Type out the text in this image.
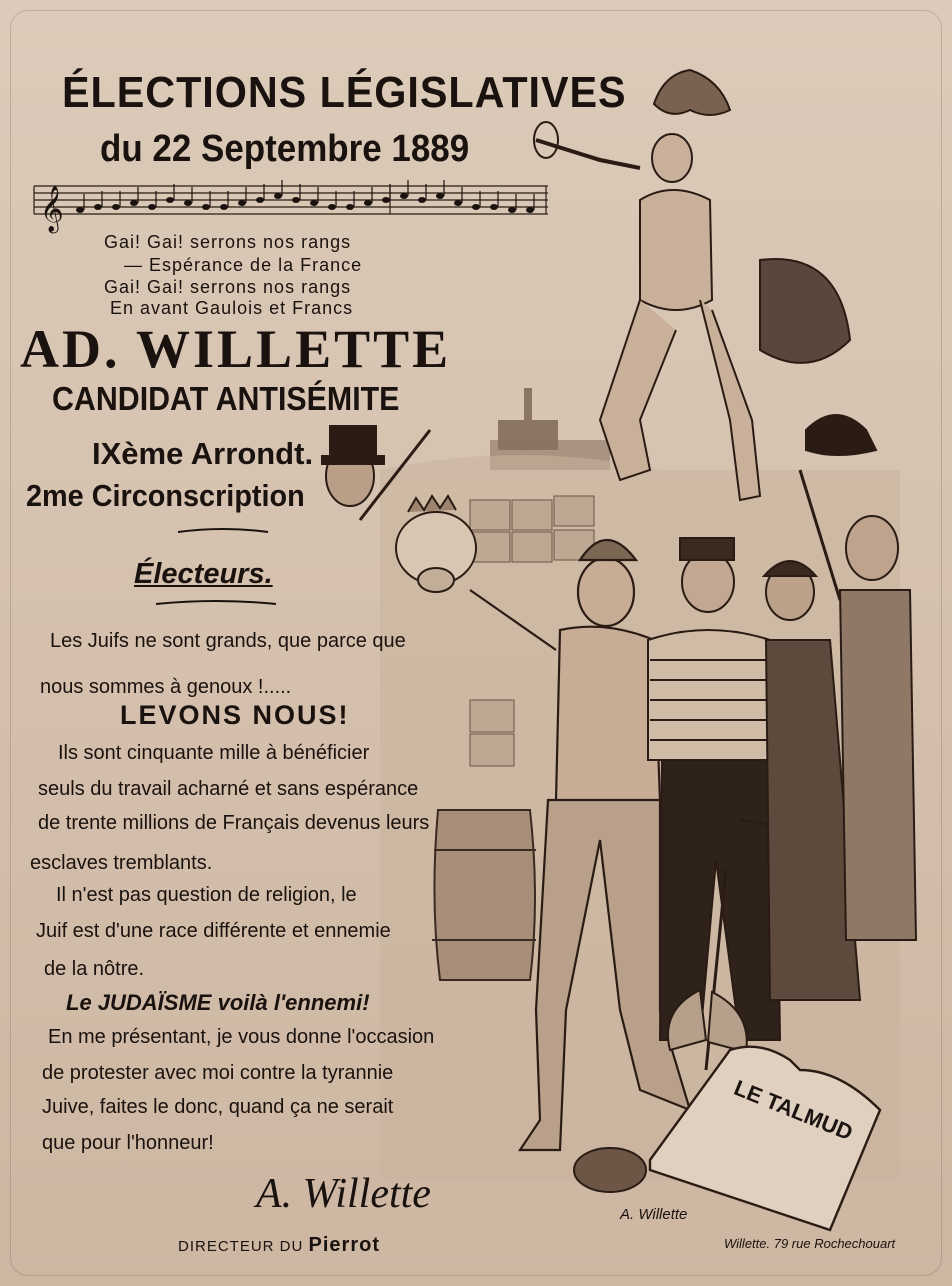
𝄞
ÉLECTIONS LÉGISLATIVES
du 22 Septembre 1889
Gai! Gai! serrons nos rangs
— Espérance de la France
Gai! Gai! serrons nos rangs
En avant Gaulois et Francs
AD. WILLETTE
CANDIDAT ANTISÉMITE
IXème Arrondt.
2me Circonscription
Électeurs.
Les Juifs ne sont grands, que parce que
nous sommes à genoux !.....
LEVONS NOUS!
Ils sont cinquante mille à bénéficier
seuls du travail acharné et sans espérance
de trente millions de Français devenus leurs
esclaves tremblants.
Il n'est pas question de religion, le
Juif est d'une race différente et ennemie
de la nôtre.
Le JUDAÏSME voilà l'ennemi!
En me présentant, je vous donne l'occasion
de protester avec moi contre la tyrannie
Juive, faites le donc, quand ça ne serait
que pour l'honneur!
A. Willette
DIRECTEUR DU Pierrot
A. Willette
Willette. 79 rue Rochechouart
LE TALMUD
